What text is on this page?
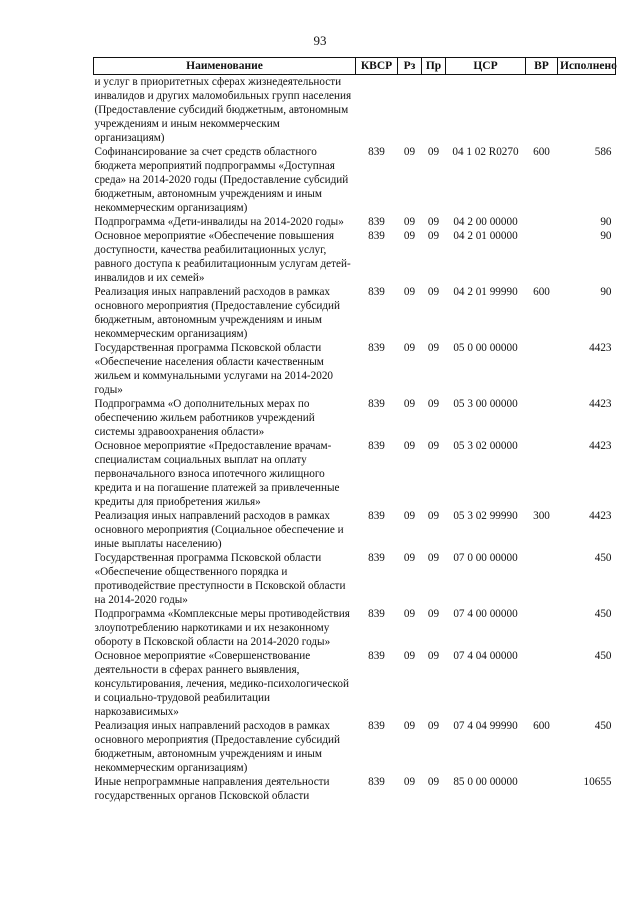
93
Наименование	КВСР	Рз	Пр	ЦСР	ВР	Исполнено
и услуг в приоритетных сферах жизнедеятельности инвалидов и других маломобильных групп населения (Предоставление субсидий бюджетным, автономным учреждениям и иным некоммерческим организациям)						
Софинансирование за счет средств областного бюджета мероприятий подпрограммы «Доступная среда» на 2014-2020 годы (Предоставление субсидий бюджетным, автономным учреждениям и иным некоммерческим организациям)	839	09	09	04 1 02 R0270	600	586
Подпрограмма «Дети-инвалиды на 2014-2020 годы»	839	09	09	04 2 00 00000		90
Основное мероприятие «Обеспечение повышения доступности, качества реабилитационных услуг, равного доступа к реабилитационным услугам детей-инвалидов и их семей»	839	09	09	04 2 01 00000		90
Реализация иных направлений расходов в рамках основного мероприятия (Предоставление субсидий бюджетным, автономным учреждениям и иным некоммерческим организациям)	839	09	09	04 2 01 99990	600	90
Государственная программа Псковской области «Обеспечение населения области качественным жильем и коммунальными услугами на 2014-2020 годы»	839	09	09	05 0 00 00000		4423
Подпрограмма «О дополнительных мерах по обеспечению жильем работников учреждений системы здравоохранения области»	839	09	09	05 3 00 00000		4423
Основное мероприятие «Предоставление врачам-специалистам социальных выплат на оплату первоначального взноса ипотечного жилищного кредита и на погашение платежей за привлеченные кредиты для приобретения жилья»	839	09	09	05 3 02 00000		4423
Реализация иных направлений расходов в рамках основного мероприятия (Социальное обеспечение и иные выплаты населению)	839	09	09	05 3 02 99990	300	4423
Государственная программа Псковской области «Обеспечение общественного порядка и противодействие преступности в Псковской области на 2014-2020 годы»	839	09	09	07 0 00 00000		450
Подпрограмма «Комплексные меры противодействия злоупотреблению наркотиками и их незаконному обороту в Псковской области на 2014-2020 годы»	839	09	09	07 4 00 00000		450
Основное мероприятие «Совершенствование деятельности в сферах раннего выявления, консультирования, лечения, медико-психологической и социально-трудовой реабилитации наркозависимых»	839	09	09	07 4 04 00000		450
Реализация иных направлений расходов в рамках основного мероприятия (Предоставление субсидий бюджетным, автономным учреждениям и иным некоммерческим организациям)	839	09	09	07 4 04 99990	600	450
Иные непрограммные направления деятельности государственных органов Псковской области	839	09	09	85 0 00 00000		10655
